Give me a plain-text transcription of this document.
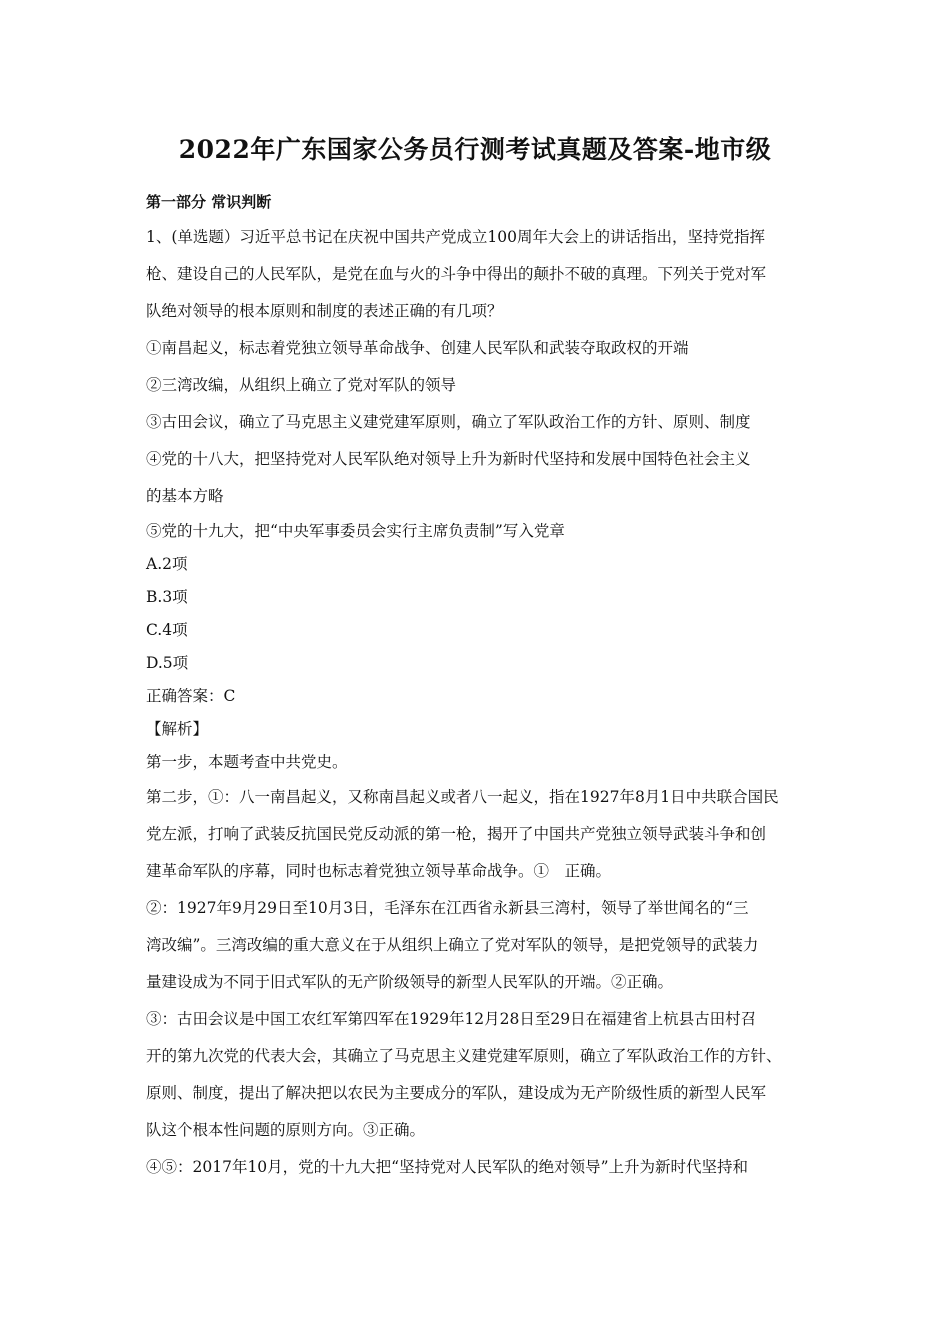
2022年广东国家公务员行测考试真题及答案-地市级
第一部分 常识判断

1、(单选题）习近平总书记在庆祝中国共产党成立100周年大会上的讲话指出，坚持党指挥

枪、建设自己的人民军队，是党在血与火的斗争中得出的颠扑不破的真理。下列关于党对军

队绝对领导的根本原则和制度的表述正确的有几项？

①南昌起义，标志着党独立领导革命战争、创建人民军队和武装夺取政权的开端

②三湾改编，从组织上确立了党对军队的领导

③古田会议，确立了马克思主义建党建军原则，确立了军队政治工作的方针、原则、制度

④党的十八大，把坚持党对人民军队绝对领导上升为新时代坚持和发展中国特色社会主义

的基本方略

⑤党的十九大，把“中央军事委员会实行主席负责制”写入党章

A.2项

B.3项

C.4项

D.5项

正确答案：C

【解析】

第一步，本题考查中共党史。

第二步，①：八一南昌起义，又称南昌起义或者八一起义，指在1927年8月1日中共联合国民

党左派，打响了武装反抗国民党反动派的第一枪，揭开了中国共产党独立领导武装斗争和创

建革命军队的序幕，同时也标志着党独立领导革命战争。①　正确。

②：1927年9月29日至10月3日，毛泽东在江西省永新县三湾村，领导了举世闻名的“三

湾改编”。三湾改编的重大意义在于从组织上确立了党对军队的领导，是把党领导的武装力

量建设成为不同于旧式军队的无产阶级领导的新型人民军队的开端。②正确。

③：古田会议是中国工农红军第四军在1929年12月28日至29日在福建省上杭县古田村召

开的第九次党的代表大会，其确立了马克思主义建党建军原则，确立了军队政治工作的方针、

原则、制度，提出了解决把以农民为主要成分的军队，建设成为无产阶级性质的新型人民军

队这个根本性问题的原则方向。③正确。

④⑤：2017年10月，党的十九大把“坚持党对人民军队的绝对领导”上升为新时代坚持和
